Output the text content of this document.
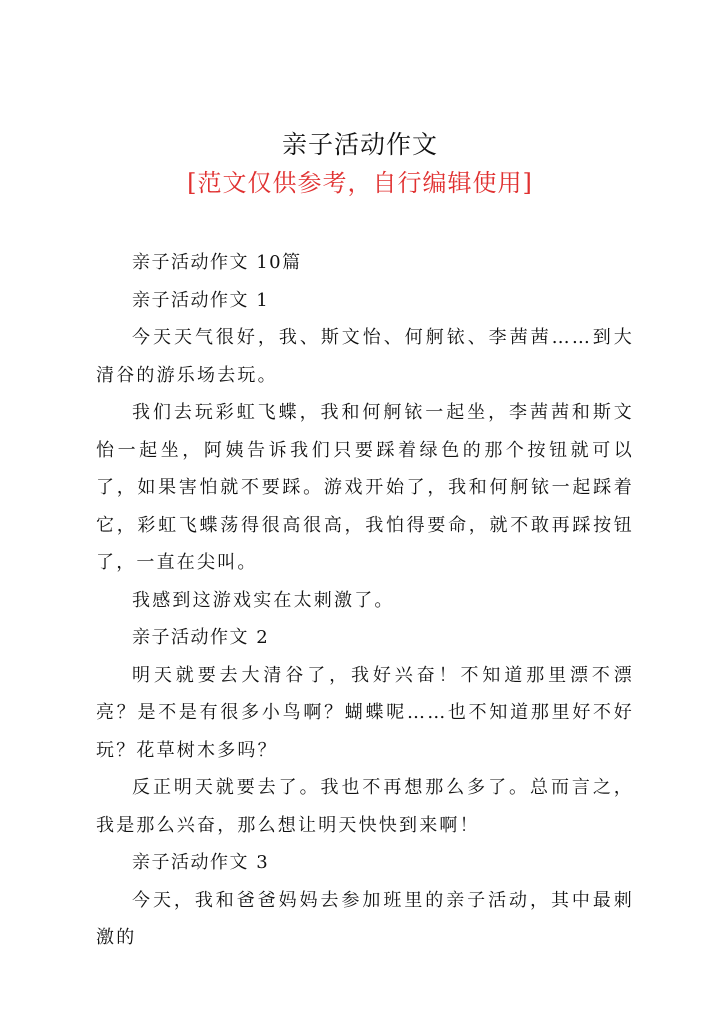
亲子活动作文
[范文仅供参考，自行编辑使用]

亲子活动作文 10篇

亲子活动作文 1

今天天气很好，我、斯文怡、何舸铱、李茜茜……到大清谷的游乐场去玩。

我们去玩彩虹飞蝶，我和何舸铱一起坐，李茜茜和斯文怡一起坐，阿姨告诉我们只要踩着绿色的那个按钮就可以了，如果害怕就不要踩。游戏开始了，我和何舸铱一起踩着它，彩虹飞蝶荡得很高很高，我怕得要命，就不敢再踩按钮了，一直在尖叫。

我感到这游戏实在太刺激了。

亲子活动作文 2

明天就要去大清谷了，我好兴奋！不知道那里漂不漂亮？是不是有很多小鸟啊？蝴蝶呢……也不知道那里好不好玩？花草树木多吗？

反正明天就要去了。我也不再想那么多了。总而言之，我是那么兴奋，那么想让明天快快到来啊！

亲子活动作文 3

今天，我和爸爸妈妈去参加班里的亲子活动，其中最刺激的
